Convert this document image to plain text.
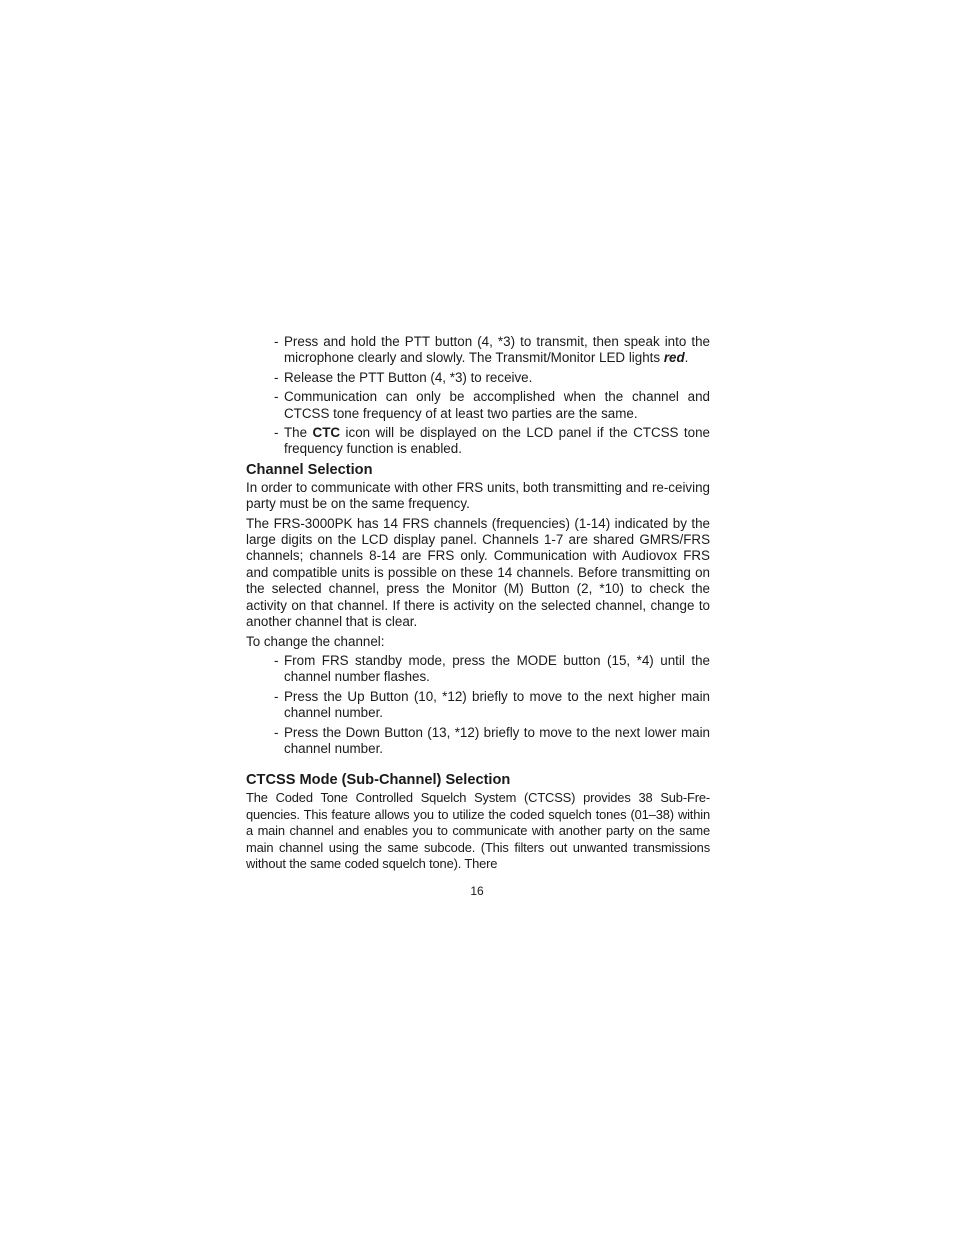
- Press and hold the PTT button (4, *3) to transmit, then speak into the microphone clearly and slowly. The Transmit/Monitor LED lights red.
- Release the PTT Button (4, *3) to receive.
- Communication can only be accomplished when the channel and CTCSS tone frequency of at least two parties are the same.
- The CTC icon will be displayed on the LCD panel if the CTCSS tone frequency function is enabled.
Channel Selection

In order to communicate with other FRS units, both transmitting and re-ceiving party must be on the same frequency.

The FRS-3000PK has 14 FRS channels (frequencies) (1-14) indicated by the large digits on the LCD display panel. Channels 1-7 are shared GMRS/FRS channels; channels 8-14 are FRS only. Communication with Audiovox FRS and compatible units is possible on these 14 channels. Before transmitting on the selected channel, press the Monitor (M) Button (2, *10) to check the activity on that channel. If there is activity on the selected channel, change to another channel that is clear.

To change the channel:

- From FRS standby mode, press the MODE button (15, *4) until the channel number flashes.
- Press the Up Button (10, *12) briefly to move to the next higher main channel number.
- Press the Down Button (13, *12) briefly to move to the next lower main channel number.
CTCSS Mode (Sub-Channel) Selection

The Coded Tone Controlled Squelch System (CTCSS) provides 38 Sub-Fre-quencies. This feature allows you to utilize the coded squelch tones (01–38) within a main channel and enables you to communicate with another party on the same main channel using the same subcode. (This filters out unwanted transmissions without the same coded squelch tone). There

16
